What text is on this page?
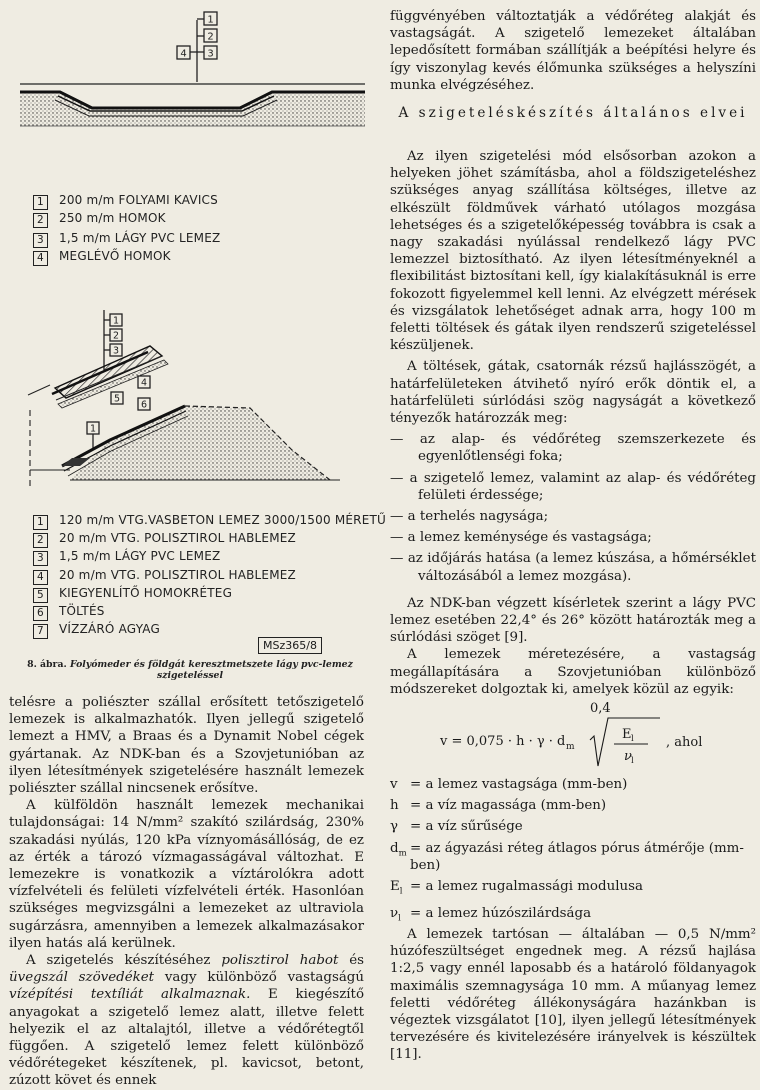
1
2
3
4
1 200 m/m FOLYAMI KAVICS
2 250 m/m HOMOK
3 1,5 m/m LÁGY PVC LEMEZ
4 MEGLÉVŐ HOMOK
1
2
3
4
5
6
1
1 120 m/m VTG.VASBETON LEMEZ 3000/1500 MÉRETŰ
2 20 m/m VTG. POLISZTIROL HABLEMEZ
3 1,5 m/m LÁGY PVC LEMEZ
4 20 m/m VTG. POLISZTIROL HABLEMEZ
5 KIEGYENLÍTŐ HOMOKRÉTEG
6 TÖLTÉS
7 VÍZZÁRÓ AGYAG
MSz365/8
8. ábra. Folyómeder és földgát keresztmetszete lágy pvc-lemez szigeteléssel

telésre a poliészter szállal erősített tetőszigetelő lemezek is alkalmazhatók. Ilyen jellegű szigetelő lemezt a HMV, a Braas és a Dynamit Nobel cégek gyártanak. Az NDK-ban és a Szovjetunióban az ilyen létesítmények szigetelésére használt lemezek poliészter szállal nincsenek erősítve.

A külföldön használt lemezek mechanikai tulajdonságai: 14 N/mm² szakító szilárdság, 230% szakadási nyúlás, 120 kPa víznyomásállóság, de ez az érték a tározó vízmagasságával változhat. E lemezekre is vonatkozik a víztárolókra adott vízfelvételi és felületi vízfelvételi érték. Hasonlóan szükséges megvizsgálni a lemezeket az ultraviola sugárzásra, amennyiben a lemezek alkalmazásakor ilyen hatás alá kerülnek.

A szigetelés készítéséhez polisztirol habot és üvegszál szövedéket vagy különböző vastagságú vízépítési textíliát alkalmaznak. E kiegészítő anyagokat a szigetelő lemez alatt, illetve felett helyezik el az altalajtól, illetve a védőrétegtől függően. A szigetelő lemez felett különböző védőrétegeket készítenek, pl. kavicsot, betont, zúzott követ és ennek

függvényében változtatják a védőréteg alakját és vastagságát. A szigetelő lemezeket általában lepedősített formában szállítják a beépítési helyre és így viszonylag kevés élőmunka szükséges a helyszíni munka elvégzéséhez.

A szigeteléskészítés általános elvei

Az ilyen szigetelési mód elsősorban azokon a helyeken jöhet számításba, ahol a földszigeteléshez szükséges anyag szállítása költséges, illetve az elkészült földművek várható utólagos mozgása lehetséges és a szigetelőképesség továbbra is csak a nagy szakadási nyúlással rendelkező lágy PVC lemezzel biztosítható. Az ilyen létesítményeknél a flexibilitást biztosítani kell, így kialakításuknál is erre fokozott figyelemmel kell lenni. Az elvégzett mérések és vizsgálatok lehetőséget adnak arra, hogy 100 m feletti töltések és gátak ilyen rendszerű szigeteléssel készüljenek.

A töltések, gátak, csatornák rézsű hajlásszögét, a határfelületeken átvihető nyíró erők döntik el, a határfelületi súrlódási szög nagyságát a következő tényezők határozzák meg:

— az alap- és védőréteg szemszerkezete és egyenlőtlenségi foka;

— a szigetelő lemez, valamint az alap- és védőréteg felületi érdessége;

— a terhelés nagysága;

— a lemez keménysége és vastagsága;

— az időjárás hatása (a lemez kúszása, a hőmérséklet változásából a lemez mozgása).

Az NDK-ban végzett kísérletek szerint a lágy PVC lemez esetében 22,4° és 26° között határozták meg a súrlódási szöget [9].

A lemezek méretezésére, a vastagság megállapítására a Szovjetunióban különböző módszereket dolgoztak ki, amelyek közül az egyik:

v = 0,075 · h · γ · d m
0,4
E l
ν l
, ahol
v = a lemez vastagsága (mm-ben)
h = a víz magassága (mm-ben)
γ = a víz sűrűsége
$d_m$ = az ágyazási réteg átlagos pórus átmérője (mm-ben)
$E_l = a$ lemez rugalmassági modulusa
$\nu_l = a$ lemez húzószilárdsága

A lemezek tartósan — általában — 0,5 N/mm² húzófeszültséget engednek meg. A rézsű hajlása 1:2,5 vagy ennél laposabb és a határoló földanyagok maximális szemnagysága 10 mm. A műanyag lemez feletti védőréteg állékonyságára hazánkban is végeztek vizsgálatot [10], ilyen jellegű létesítmények tervezésére és kivitelezésére irányelvek is készültek [11].
